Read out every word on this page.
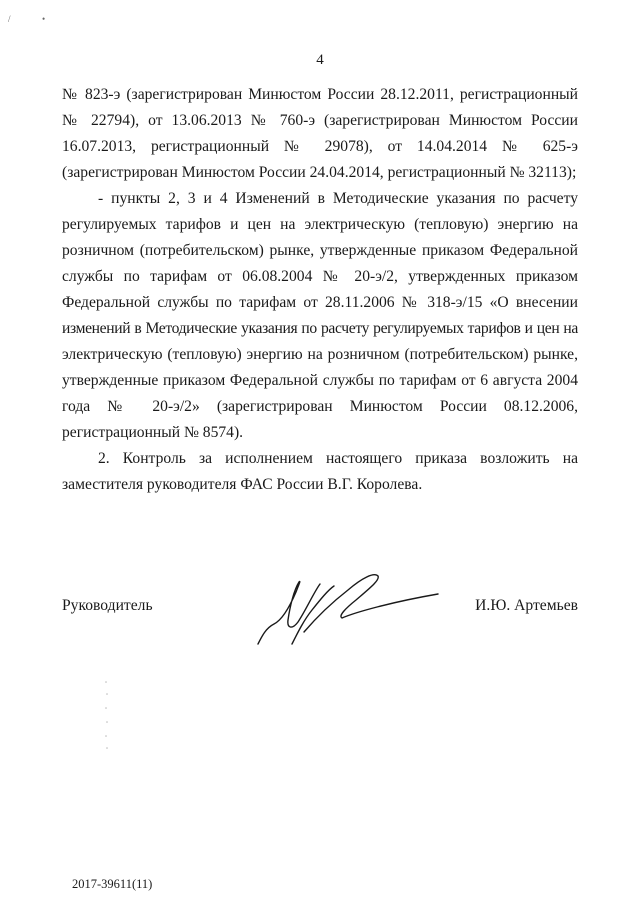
/	•
4

№ 823-э (зарегистрирован Минюстом России 28.12.2011, регистрационный
№ 22794), от 13.06.2013 № 760-э (зарегистрирован Минюстом России
16.07.2013, регистрационный № 29078), от 14.04.2014 № 625-э
(зарегистрирован Минюстом России 24.04.2014, регистрационный № 32113);

- пункты 2, 3 и 4 Изменений в Методические указания по расчету
регулируемых тарифов и цен на электрическую (тепловую) энергию на
розничном (потребительском) рынке, утвержденные приказом Федеральной
службы по тарифам от 06.08.2004 № 20-э/2, утвержденных приказом
Федеральной службы по тарифам от 28.11.2006 № 318-э/15 «О внесении
изменений в Методические указания по расчету регулируемых тарифов и цен на
электрическую (тепловую) энергию на розничном (потребительском) рынке,
утвержденные приказом Федеральной службы по тарифам от 6 августа 2004
года № 20-э/2» (зарегистрирован Минюстом России 08.12.2006,
регистрационный № 8574).

2. Контроль за исполнением настоящего приказа возложить на
заместителя руководителя ФАС России В.Г. Королева.

Руководитель	И.Ю. Артемьев
2017-39611(11)
